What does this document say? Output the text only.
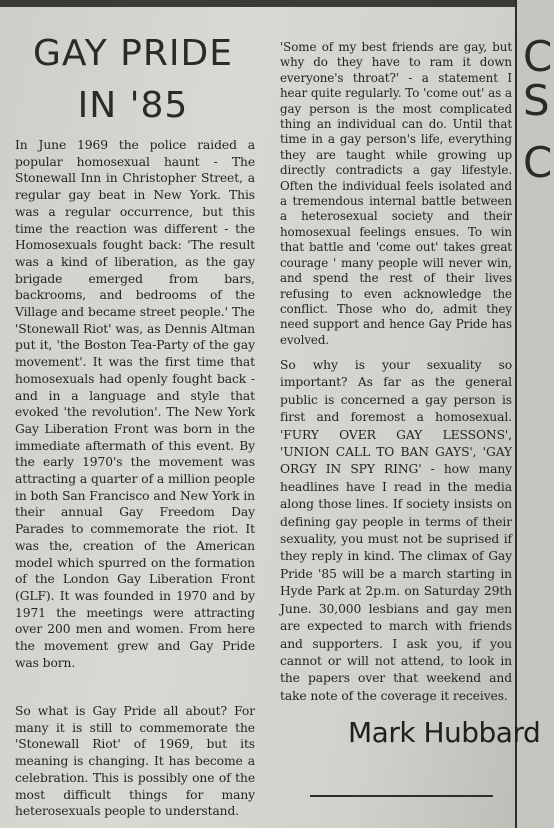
C
S
C
GAY PRIDE
IN '85

In June 1969 the police raided a popular homosexual haunt - The Stonewall Inn in Christopher Street, a regular gay beat in New York. This was a regular occurrence, but this time the reaction was different - the Homosexuals fought back: 'The result was a kind of liberation, as the gay brigade emerged from bars, backrooms, and bedrooms of the Village and became street people.' The 'Stonewall Riot' was, as Dennis Altman put it, 'the Boston Tea-Party of the gay movement'. It was the first time that homosexuals had openly fought back - and in a language and style that evoked 'the revolution'. The New York Gay Liberation Front was born in the immediate aftermath of this event. By the early 1970's the movement was attracting a quarter of a million people in both San Francisco and New York in their annual Gay Freedom Day Parades to commemorate the riot. It was the, creation of the American model which spurred on the formation of the London Gay Liberation Front (GLF). It was founded in 1970 and by 1971 the meetings were attracting over 200 men and women. From here the movement grew and Gay Pride was born.

So what is Gay Pride all about? For many it is still to commemorate the 'Stonewall Riot' of 1969, but its meaning is changing. It has become a celebration. This is possibly one of the most difficult things for many heterosexuals people to understand.

'Some of my best friends are gay, but why do they have to ram it down everyone's throat?' - a statement I hear quite regularly. To 'come out' as a gay person is the most complicated thing an individual can do. Until that time in a gay person's life, everything they are taught while growing up directly contradicts a gay lifestyle. Often the individual feels isolated and a tremendous internal battle between a heterosexual society and their homosexual feelings ensues. To win that battle and 'come out' takes great courage ' many people will never win, and spend the rest of their lives refusing to even acknowledge the conflict. Those who do, admit they need support and hence Gay Pride has evolved.

So why is your sexuality so important? As far as the general public is concerned a gay person is first and foremost a homosexual. 'FURY OVER GAY LESSONS', 'UNION CALL TO BAN GAYS', 'GAY ORGY IN SPY RING' - how many headlines have I read in the media along those lines. If society insists on defining gay people in terms of their sexuality, you must not be suprised if they reply in kind. The climax of Gay Pride '85 will be a march starting in Hyde Park at 2p.m. on Saturday 29th June. 30,000 lesbians and gay men are expected to march with friends and supporters. I ask you, if you cannot or will not attend, to look in the papers over that weekend and take note of the coverage it receives.

Mark Hubbard
